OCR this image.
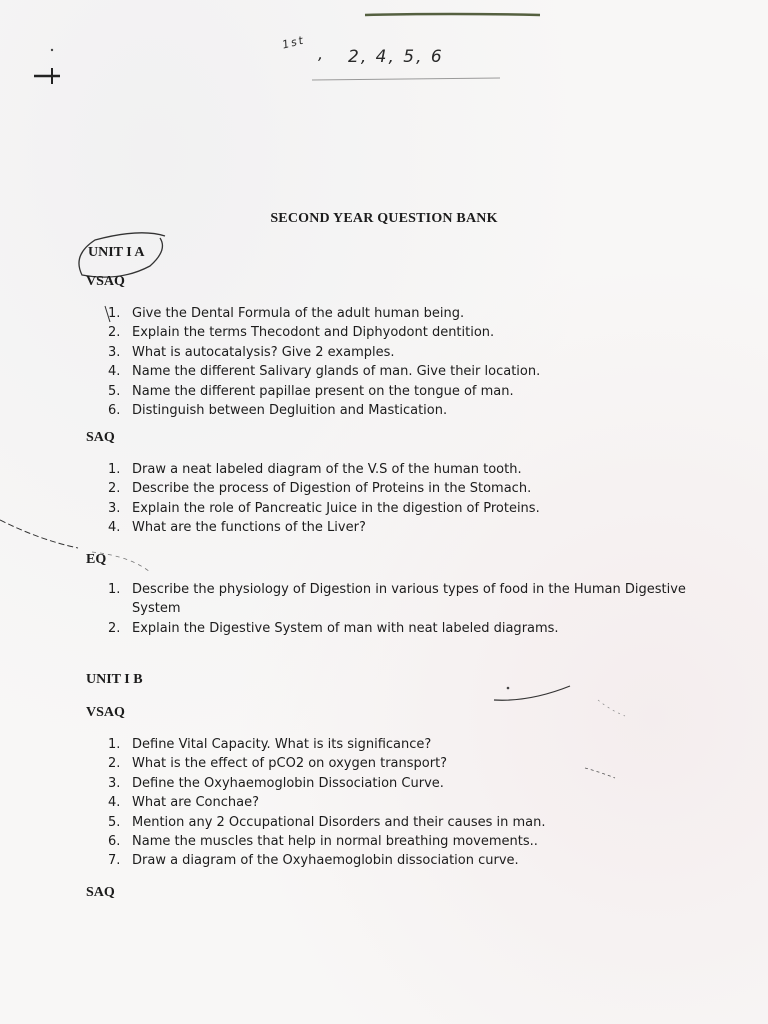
1st
, 2, 4, 5, 6
SECOND YEAR QUESTION BANK
UNIT I A
VSAQ
1. Give the Dental Formula of the adult human being.
2. Explain the terms Thecodont and Diphyodont dentition.
3. What is autocatalysis? Give 2 examples.
4. Name the different Salivary glands of man. Give their location.
5. Name the different papillae present on the tongue of man.
6. Distinguish between Degluition and Mastication.
SAQ
1. Draw a neat labeled diagram of the V.S of the human tooth.
2. Describe the process of Digestion of Proteins in the Stomach.
3. Explain the role of Pancreatic Juice in the digestion of Proteins.
4. What are the functions of the Liver?
EQ
1. Describe the physiology of Digestion in various types of food in the Human Digestive System
2. Explain the Digestive System of man with neat labeled diagrams.
UNIT I B
VSAQ
1. Define Vital Capacity. What is its significance?
2. What is the effect of pCO2 on oxygen transport?
3. Define the Oxyhaemoglobin Dissociation Curve.
4. What are Conchae?
5. Mention any 2 Occupational Disorders and their causes in man.
6. Name the muscles that help in normal breathing movements..
7. Draw a diagram of the Oxyhaemoglobin dissociation curve.
SAQ
